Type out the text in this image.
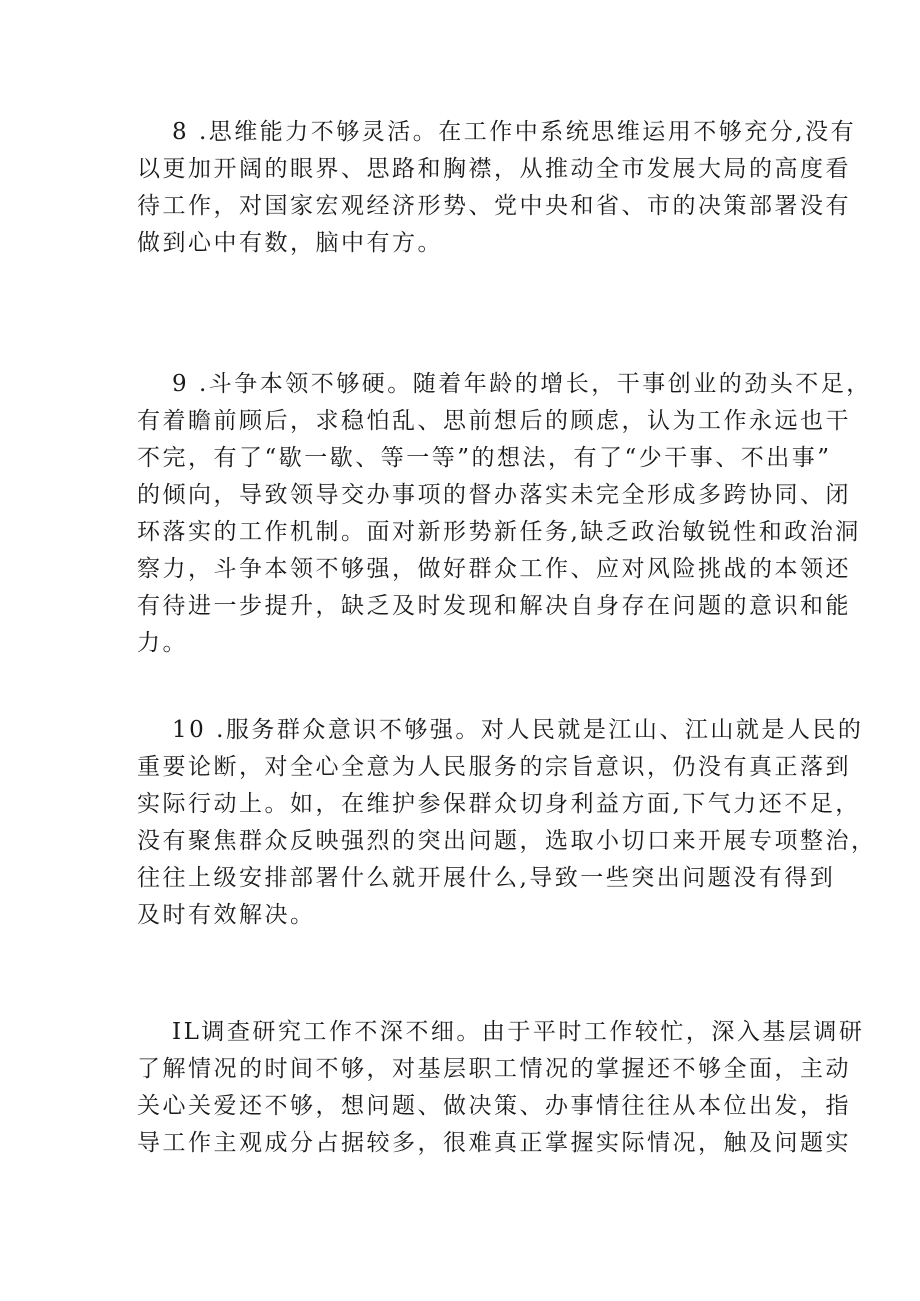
8 .思维能力不够灵活。在工作中系统思维运用不够充分,没有
以更加开阔的眼界、思路和胸襟，从推动全市发展大局的高度看
待工作，对国家宏观经济形势、党中央和省、市的决策部署没有
做到心中有数，脑中有方。
9 .斗争本领不够硬。随着年龄的增长，干事创业的劲头不足，
有着瞻前顾后，求稳怕乱、思前想后的顾虑，认为工作永远也干
不完，有了“歇一歇、等一等”的想法，有了“少干事、不出事”
的倾向，导致领导交办事项的督办落实未完全形成多跨协同、闭
环落实的工作机制。面对新形势新任务,缺乏政治敏锐性和政治洞
察力，斗争本领不够强，做好群众工作、应对风险挑战的本领还
有待进一步提升，缺乏及时发现和解决自身存在问题的意识和能
力。
10 .服务群众意识不够强。对人民就是江山、江山就是人民的
重要论断，对全心全意为人民服务的宗旨意识，仍没有真正落到
实际行动上。如，在维护参保群众切身利益方面,下气力还不足，
没有聚焦群众反映强烈的突出问题，选取小切口来开展专项整治，
往往上级安排部署什么就开展什么,导致一些突出问题没有得到
及时有效解决。
IL调查研究工作不深不细。由于平时工作较忙，深入基层调研
了解情况的时间不够，对基层职工情况的掌握还不够全面，主动
关心关爱还不够，想问题、做决策、办事情往往从本位出发，指
导工作主观成分占据较多，很难真正掌握实际情况，触及问题实
